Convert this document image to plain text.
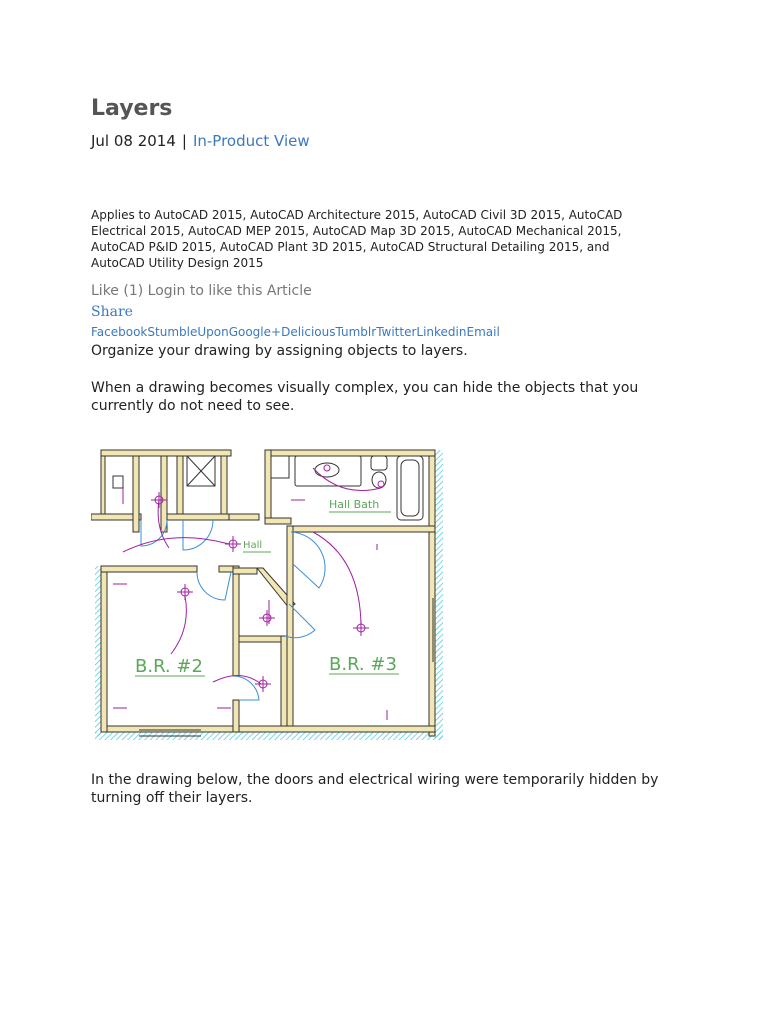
Layers
Jul 08 2014 | In-Product View
Applies to AutoCAD 2015, AutoCAD Architecture 2015, AutoCAD Civil 3D 2015, AutoCAD Electrical 2015, AutoCAD MEP 2015, AutoCAD Map 3D 2015, AutoCAD Mechanical 2015, AutoCAD P&ID 2015, AutoCAD Plant 3D 2015, AutoCAD Structural Detailing 2015, and AutoCAD Utility Design 2015
Like (1) Login to like this Article
Share
FacebookStumbleUponGoogle+DeliciousTumblrTwitterLinkedinEmail
Organize your drawing by assigning objects to layers.
When a drawing becomes visually complex, you can hide the objects that you currently do not need to see.
Hall Bath
Hall
B.R. #2	B.R. #3
In the drawing below, the doors and electrical wiring were temporarily hidden by turning off their layers.
